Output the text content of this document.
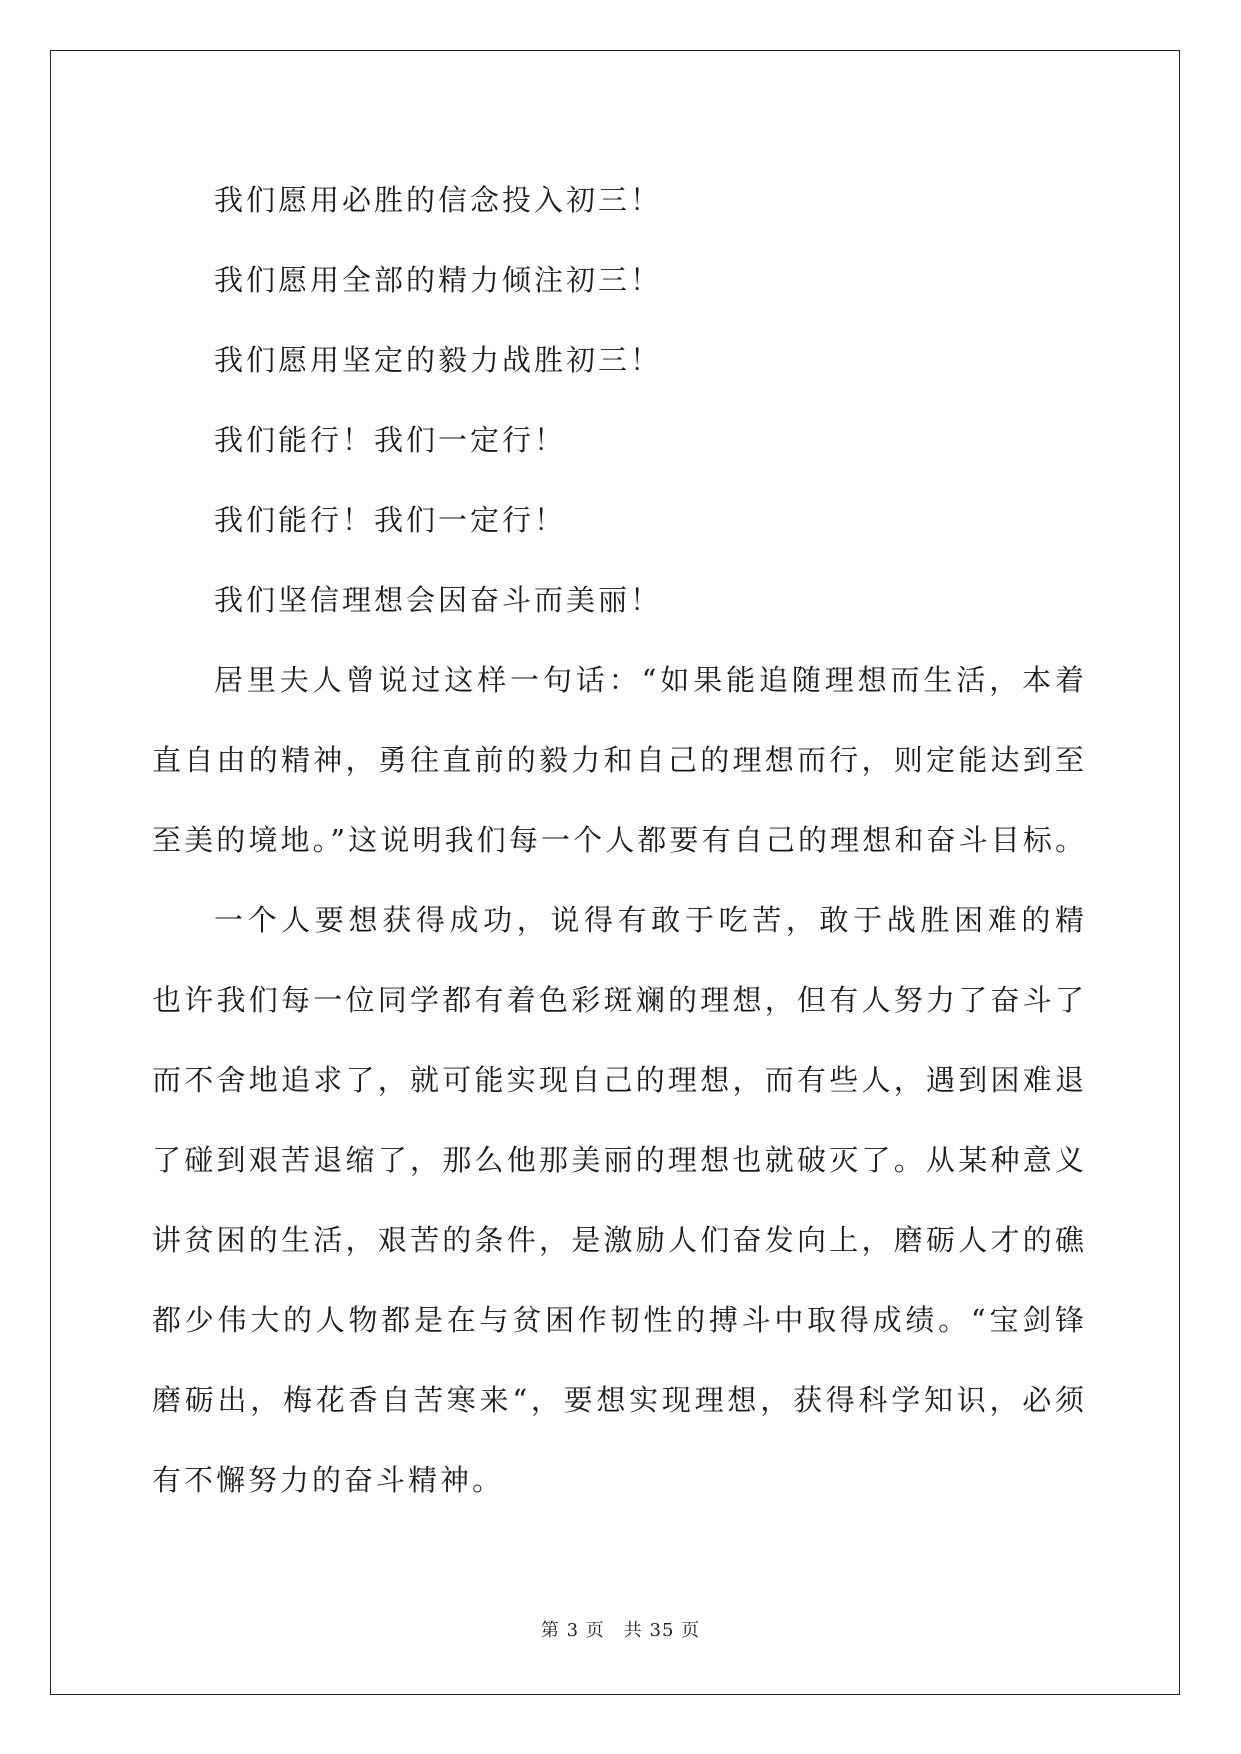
我们愿用必胜的信念投入初三！

我们愿用全部的精力倾注初三！

我们愿用坚定的毅力战胜初三！

我们能行！我们一定行！

我们能行！我们一定行！

我们坚信理想会因奋斗而美丽！

居里夫人曾说过这样一句话：“如果能追随理想而生活，本着

直自由的精神，勇往直前的毅力和自己的理想而行，则定能达到至

至美的境地。”这说明我们每一个人都要有自己的理想和奋斗目标。

一个人要想获得成功，说得有敢于吃苦，敢于战胜困难的精

也许我们每一位同学都有着色彩斑斓的理想，但有人努力了奋斗了

而不舍地追求了，就可能实现自己的理想，而有些人，遇到困难退

了碰到艰苦退缩了，那么他那美丽的理想也就破灭了。从某种意义

讲贫困的生活，艰苦的条件，是激励人们奋发向上，磨砺人才的礁

都少伟大的人物都是在与贫困作韧性的搏斗中取得成绩。“宝剑锋

磨砺出，梅花香自苦寒来“，要想实现理想，获得科学知识，必须

有不懈努力的奋斗精神。

第 3 页　共 35 页
